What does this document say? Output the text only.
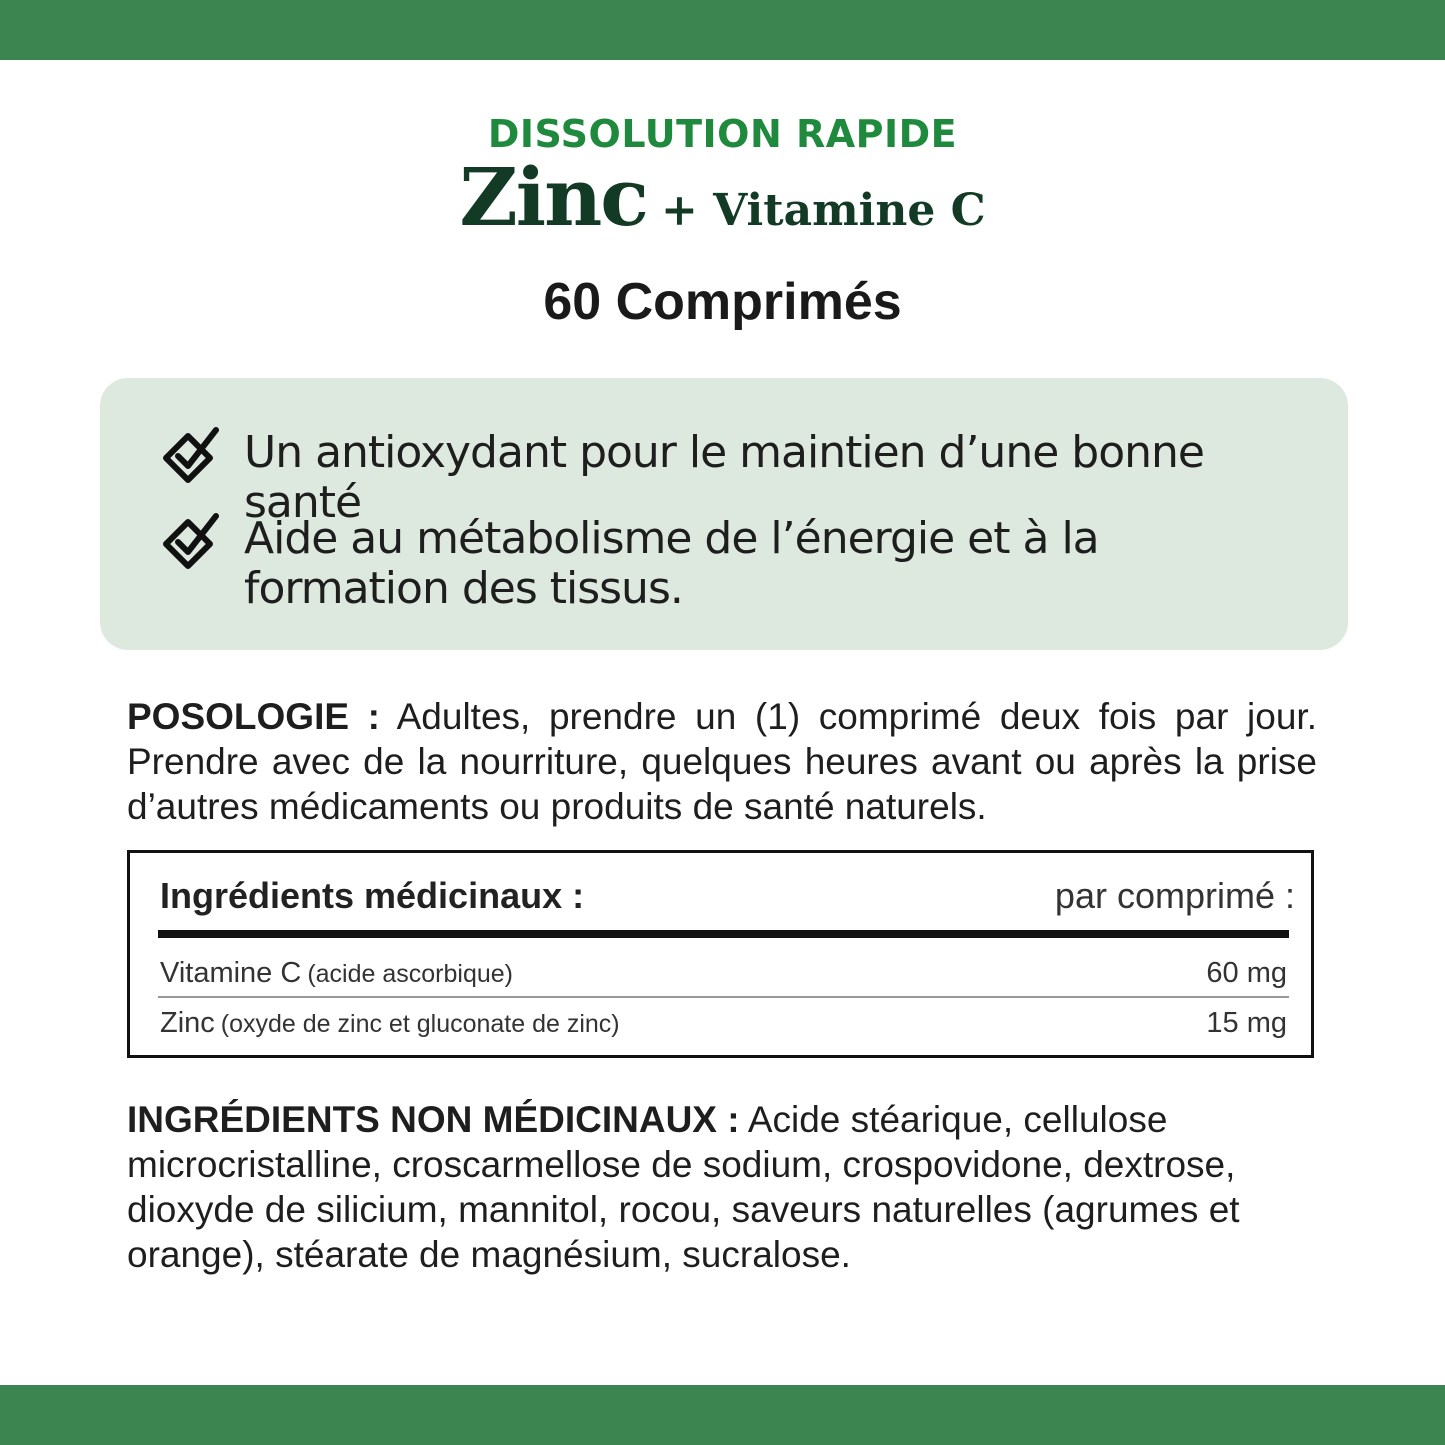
DISSOLUTION RAPIDE
Zinc + Vitamine C
60 Comprimés
Un antioxydant pour le maintien d’une bonne santé
Aide au métabolisme de l’énergie et à la formation des tissus.
POSOLOGIE : Adultes, prendre un (1) comprimé deux fois par jour. Prendre avec de la nourriture, quelques heures avant ou après la prise d’autres médicaments ou produits de santé naturels.
Ingrédients médicinaux :	par comprimé :
Vitamine C (acide ascorbique)	60 mg
Zinc (oxyde de zinc et gluconate de zinc)	15 mg
INGRÉDIENTS NON MÉDICINAUX : Acide stéarique, cellulose microcristalline, croscarmellose de sodium, crospovidone, dextrose, dioxyde de silicium, mannitol, rocou, saveurs naturelles (agrumes et orange), stéarate de magnésium, sucralose.
